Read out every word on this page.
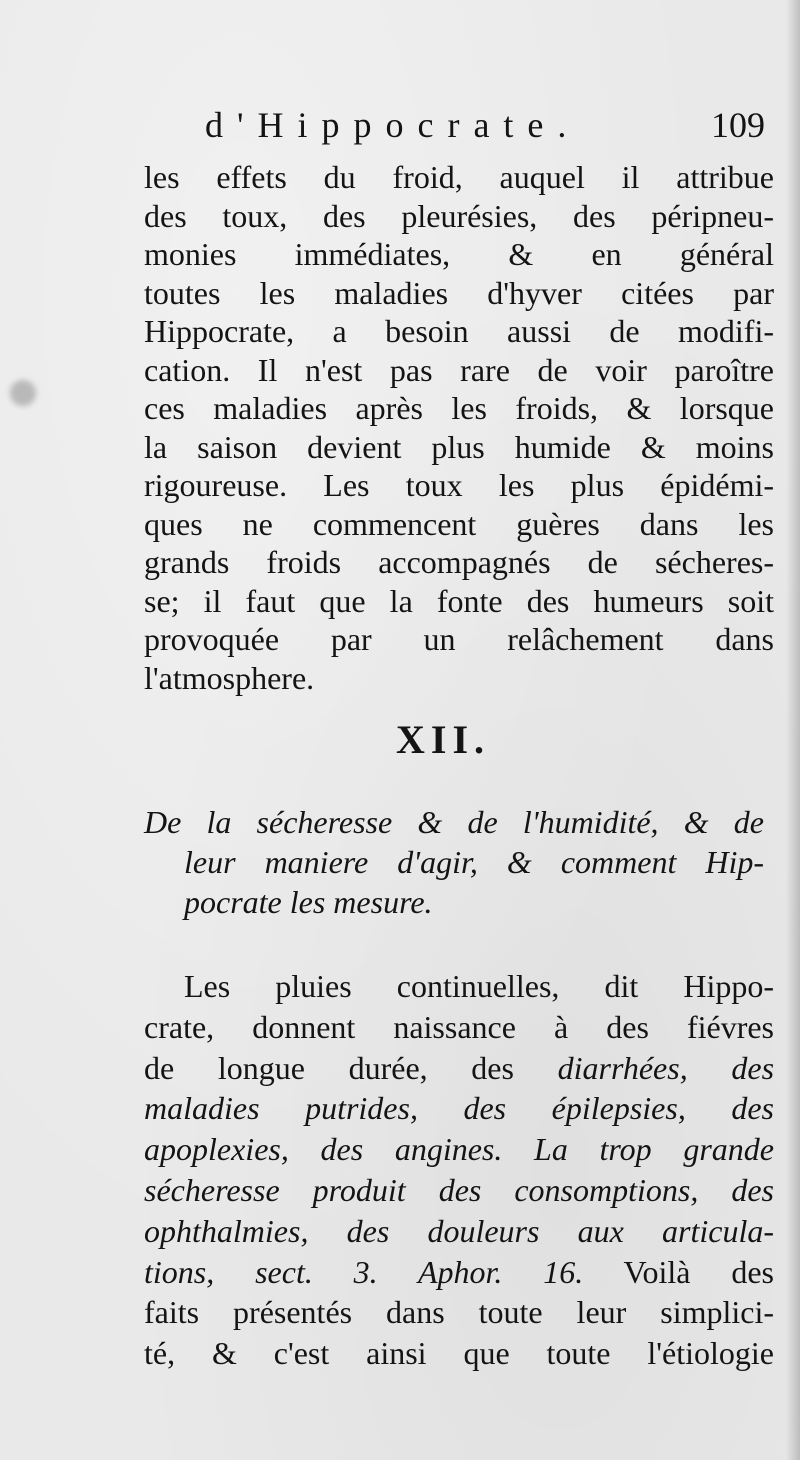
d'Hippocrate.	109
les effets du froid, auquel il attribue
des toux, des pleurésies, des péripneu-
monies immédiates, & en général
toutes les maladies d'hyver citées par
Hippocrate, a besoin aussi de modifi-
cation. Il n'est pas rare de voir paroître
ces maladies après les froids, & lorsque
la saison devient plus humide & moins
rigoureuse. Les toux les plus épidémi-
ques ne commencent guères dans les
grands froids accompagnés de sécheres-
se; il faut que la fonte des humeurs soit
provoquée par un relâchement dans
l'atmosphere.
XII.
De la sécheresse & de l'humidité, & de
leur maniere d'agir, & comment Hip-
pocrate les mesure.
Les pluies continuelles, dit Hippo-
crate, donnent naissance à des fiévres
de longue durée, des diarrhées, des
maladies putrides, des épilepsies, des
apoplexies, des angines. La trop grande
sécheresse produit des consomptions, des
ophthalmies, des douleurs aux articula-
tions, sect. 3. Aphor. 16. Voilà des
faits présentés dans toute leur simplici-
té, & c'est ainsi que toute l'étiologie
